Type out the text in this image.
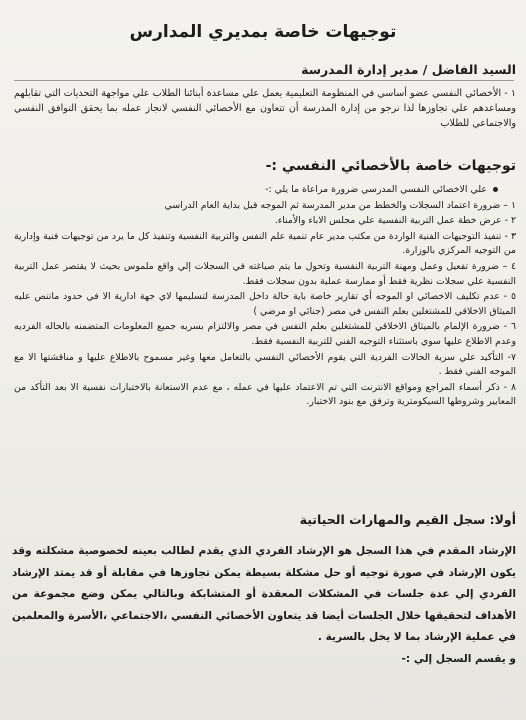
توجيهات خاصة بمديري المدارس
السيد الفاضل / مدير إدارة المدرسة

١ - الأخصائي النفسي عضو أساسي في المنظومة التعليمية يعمل علي مساعدة أبنائنا الطلاب علي مواجهة التحديات التي تقابلهم ومساعدهم علي تجاوزها لذا نرجو من إدارة المدرسة أن تتعاون مع الأخصائي النفسي لانجاز عمله بما يحقق التوافق النفسي والاجتماعي للطلاب

توجيهات خاصة بالأخصائي النفسي :-
علي الاخصائي النفسي المدرسي ضرورة مراعاة ما يلي :-
١ – ضرورة اعتماد السجلات والخطط من مدير المدرسة ثم الموجه قبل بداية العام الدراسي
٢ - عرض خطة عمل التربية النفسية علي مجلس الاباء والأمناء.
٣ - تنفيذ التوجيهات الفنية الواردة من مكتب مدير عام تنمية علم النفس والتربية النفسية وتنفيذ كل ما يرد من توجيهات فنية وإدارية من التوجيه المركزي بالوزارة.
٤ – ضرورة تفعيل وعمل ومهنة التربية النفسية وتحول ما يتم صياغته في السجلات إلي واقع ملموس بحيث لا يقتصر عمل التربية النفسية علي سجلات نظرية فقط أو ممارسة عملية بدون سجلات فقط.
٥ - عدم تكليف الاخصائي او الموجه أي تقارير خاصة باية حالة داخل المدرسة لتسليمها لاي جهة ادارية الا في حدود ماتنص عليه الميثاق الاخلاقي للمشتغلين بعلم النفس في مصر (جنائي او مرضي )
٦ - ضرورة الإلمام بالميثاق الاخلاقي للمشتغلين بعلم النفس في مصر والالتزام بسريه جميع المعلومات المتضمنه بالحاله الفرديه وعدم الاطلاع عليها سوي باستثناء التوجيه الفني للتربية النفسية فقط.
٧- التأكيد علي سرية الحالات الفردية التي يقوم الأخصائي النفسي بالتعامل معها وغير مسموح بالاطلاع عليها و مناقشتها الا مع الموجه الفني فقط .
٨ - ذكر أسماء المراجع ومواقع الانترنت التي تم الاعتماد عليها في عمله ، مع عدم الاستعانة بالاختبارات نفسية الا بعد التأكد من المعايير وشروطها السيكومترية وترفق مع بنود الاختبار.
أولا: سجل القيم والمهارات الحياتية

الإرشاد المقدم في هذا السجل هو الإرشاد الفردي الذي يقدم لطالب بعينه لخصوصية مشكلته وقد يكون الإرشاد في صورة توجيه أو حل مشكلة بسيطة يمكن تجاوزها في مقابلة أو قد يمتد الإرشاد الفردي إلي عدة جلسات في المشكلات المعقدة أو المتشابكة وبالتالي يمكن وضع مجموعة من الأهداف لتحقيقها خلال الجلسات أيضا قد يتعاون الأخصائي النفسي ،الاجتماعي ،الأسرة والمعلمين في عملية الإرشاد بما لا يخل بالسرية .

و يقسم السجل إلي :-
